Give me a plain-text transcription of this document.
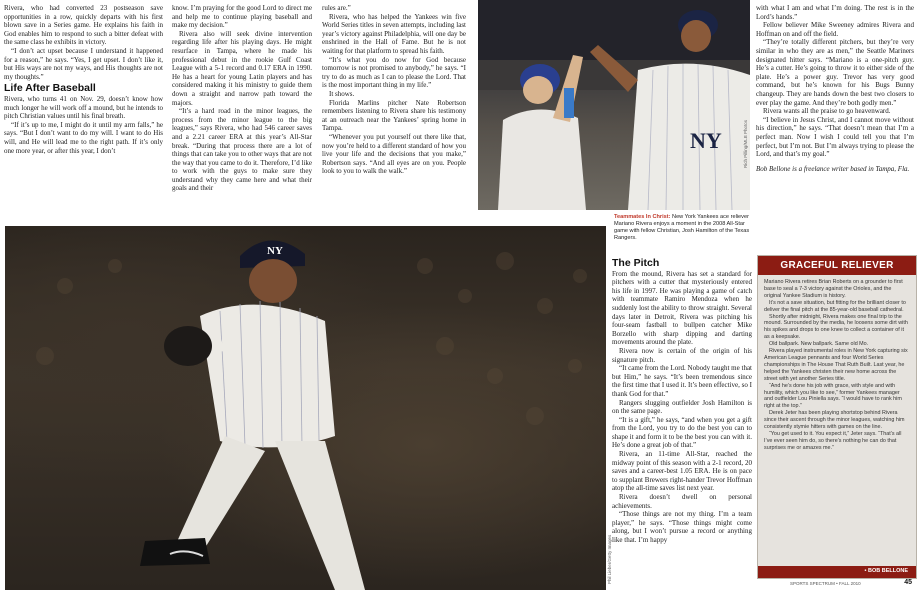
Rivera, who had converted 23 postseason save opportunities in a row, quickly departs with his first blown save in a Series game. He explains his faith in God enables him to respond to such a bitter defeat with the same class he exhibits in victory.

“I don’t act upset because I understand it happened for a reason,” he says. “Yes, I get upset. I don’t like it, but His ways are not my ways, and His thoughts are not my thoughts.”

Life After Baseball

Rivera, who turns 41 on Nov. 29, doesn’t know how much longer he will work off a mound, but he intends to pitch Christian values until his final breath.

“If it’s up to me, I might do it until my arm falls,” he says. “But I don’t want to do my will. I want to do His will, and He will lead me to the right path. If it’s only one more year, or after this year, I don’t

know. I’m praying for the good Lord to direct me and help me to continue playing baseball and make my decision.”

Rivera also will seek divine intervention regarding life after his playing days. He might resurface in Tampa, where he made his professional debut in the rookie Gulf Coast League with a 5-1 record and 0.17 ERA in 1990. He has a heart for young Latin players and has considered making it his ministry to guide them down a straight and narrow path toward the majors.

“It’s a hard road in the minor leagues, the process from the minor league to the big leagues,” says Rivera, who had 546 career saves and a 2.21 career ERA at this year’s All-Star break. “During that process there are a lot of things that can take you to other ways that are not the way that you came to do it. Therefore, I’d like to work with the guys to make sure they understand why they came here and what their goals and their

rules are.”

Rivera, who has helped the Yankees win five World Series titles in seven attempts, including last year’s victory against Philadelphia, will one day be enshrined in the Hall of Fame. But he is not waiting for that platform to spread his faith.

“It’s what you do now for God because tomorrow is not promised to anybody,” he says. “I try to do as much as I can to please the Lord. That is the most important thing in my life.”

It shows.

Florida Marlins pitcher Nate Robertson remembers listening to Rivera share his testimony at an outreach near the Yankees’ spring home in Tampa.

“Whenever you put yourself out there like that, now you’re held to a different standard of how you live your life and the decisions that you make,” Robertson says. “And all eyes are on you. People look to you to walk the walk.”

NY	Rich Pilling/MLB Photos
Teammates In Christ: New York Yankees ace reliever Mariano Rivera enjoys a moment in the 2008 All-Star game with fellow Christian, Josh Hamilton of the Texas Rangers.
NY
Phil Lieber/Getty Images
The Pitch

From the mound, Rivera has set a standard for pitchers with a cutter that mysteriously entered his life in 1997. He was playing a game of catch with teammate Ramiro Mendoza when he suddenly lost the ability to throw straight. Several days later in Detroit, Rivera was pitching his four-seam fastball to bullpen catcher Mike Borzello with sharp dipping and darting movements around the plate.

Rivera now is certain of the origin of his signature pitch.

“It came from the Lord. Nobody taught me that but Him,” he says. “It’s been tremendous since the first time that I used it. It’s been effective, so I thank God for that.”

Rangers slugging outfielder Josh Hamilton is on the same page.

“It is a gift,” he says, “and when you get a gift from the Lord, you try to do the best you can to shape it and form it to be the best you can with it. He’s done a great job of that.”

Rivera, an 11-time All-Star, reached the midway point of this season with a 2-1 record, 20 saves and a career-best 1.05 ERA. He is on pace to supplant Brewers right-hander Trevor Hoffman atop the all-time saves list next year.

Rivera doesn’t dwell on personal achievements.

“Those things are not my thing. I’m a team player,” he says. “Those things might come along, but I won’t pursue a record or anything like that. I’m happy

with what I am and what I’m doing. The rest is in the Lord’s hands.”

Fellow believer Mike Sweeney admires Rivera and Hoffman on and off the field.

“They’re totally different pitchers, but they’re very similar in who they are as men,” the Seattle Mariners designated hitter says. “Mariano is a one-pitch guy. He’s a cutter. He’s going to throw it to either side of the plate. He’s a power guy. Trevor has very good command, but he’s known for his Bugs Bunny changeup. They are hands down the best two closers to ever play the game. And they’re both godly men.”

Rivera wants all the praise to go heavenward.

“I believe in Jesus Christ, and I cannot move without his direction,” he says. “That doesn’t mean that I’m a perfect man. Now I wish I could tell you that I’m perfect, but I’m not. But I’m always trying to please the Lord, and that’s my goal.”

Bob Bellone is a freelance writer based in Tampa, Fla.

GRACEFUL RELIEVER

Mariano Rivera retires Brian Roberts on a grounder to first base to seal a 7-3 victory against the Orioles, and the original Yankee Stadium is history.

It’s not a save situation, but fitting for the brilliant closer to deliver the final pitch at the 85-year-old baseball cathedral.

Shortly after midnight, Rivera makes one final trip to the mound. Surrounded by the media, he loosens some dirt with his spikes and drops to one knee to collect a container of it as a keepsake.

Old ballpark. New ballpark. Same old Mo.

Rivera played instrumental roles in New York capturing six American League pennants and four World Series championships in The House That Ruth Built. Last year, he helped the Yankees christen their new home across the street with yet another Series title.

“And he’s done his job with grace, with style and with humility, which you like to see,” former Yankees manager and outfielder Lou Piniella says. “I would have to rank him right at the top.”

Derek Jeter has been playing shortstop behind Rivera since their ascent through the minor leagues, watching him consistently stymie hitters with games on the line.

“You get used to it. You expect it,” Jeter says. “That’s all I’ve ever seen him do, so there’s nothing he can do that surprises me or amazes me.”

• BOB BELLONE
SPORTS SPECTRUM • FALL 2010	45
